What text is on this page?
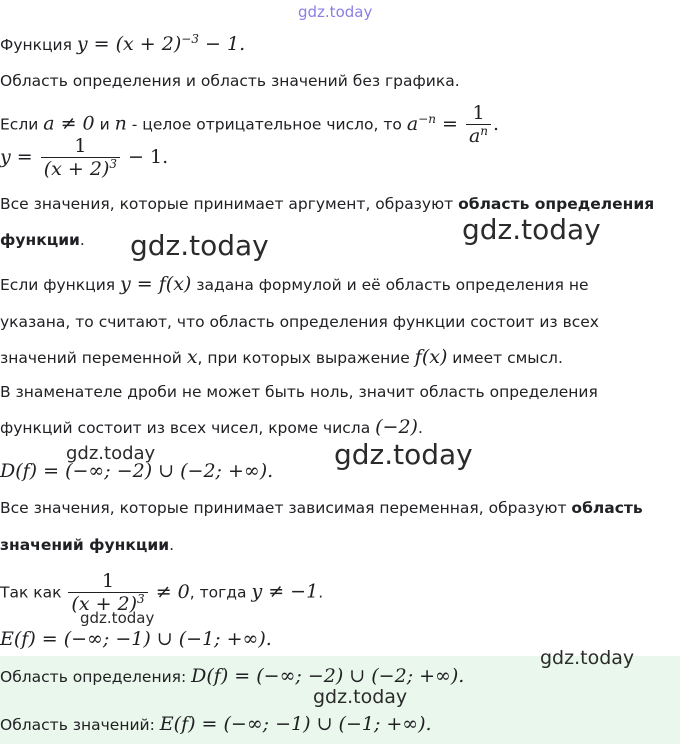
Функция $y = (x + 2)^{-3} - 1$.
Область определения и область значений без графика.
Если a ≠ 0 и n - целое отрицательное число, то $a^{-n} = \frac{1}{a^n}$ .
$y = \frac{1}{(x + 2)^3} - 1$.
Все значения, которые принимает аргумент, образуют область определения
функции.
Если функция y = f(x) задана формулой и её область определения не
указана, то считают, что область определения функции состоит из всех
значений переменной x, при которых выражение f(x) имеет смысл.
В знаменателе дроби не может быть ноль, значит область определения
функций состоит из всех чисел, кроме числа (−2).
D(f) = (−∞; −2) ∪ (−2; +∞).
Все значения, которые принимает зависимая переменная, образуют область
значений функции.
Так как $\frac{1}{(x + 2)^3} \ne 0$, тогда y ≠ −1.
E(f) = (−∞; −1) ∪ (−1; +∞).
Область определения: D(f) = (−∞; −2) ∪ (−2; +∞).
Область значений: E(f) = (−∞; −1) ∪ (−1; +∞).
gdz.today
gdz.today	gdz.today
gdz.today	gdz.today
gdz.today
gdz.today
gdz.today
